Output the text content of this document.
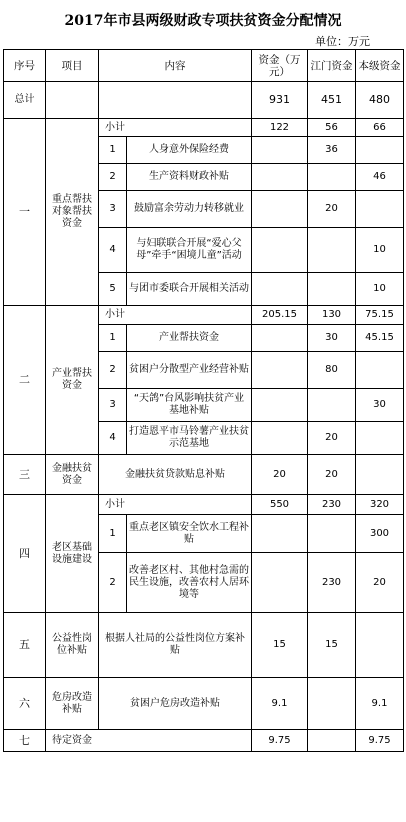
2017年市县两级财政专项扶贫资金分配情况
单位：万元
序号	项目	内容		资金（万元）	江门资金	本级资金
总计				931	451	480
一	重点帮扶对象帮扶资金	小计		122	56	66
		1	人身意外保险经费		36	
		2	生产资料财政补贴			46
		3	鼓励富余劳动力转移就业		20	
		4	与妇联联合开展“爱心父母”牵手“困境儿童”活动			10
		5	与团市委联合开展相关活动			10
二	产业帮扶资金	小计		205.15	130	75.15
		1	产业帮扶资金		30	45.15
		2	贫困户分散型产业经营补贴		80	
		3	“天鸽”台风影响扶贫产业基地补贴			30
		4	打造恩平市马铃薯产业扶贫示范基地		20	
三	金融扶贫资金	金融扶贫贷款贴息补贴		20	20	
四	老区基础设施建设	小计		550	230	320
		1	重点老区镇安全饮水工程补贴			300
		2	改善老区村、其他村急需的民生设施，改善农村人居环境等		230	20
五	公益性岗位补贴	根据人社局的公益性岗位方案补贴		15	15	
六	危房改造补贴	贫困户危房改造补贴		9.1		9.1
七	待定资金			9.75		9.75
